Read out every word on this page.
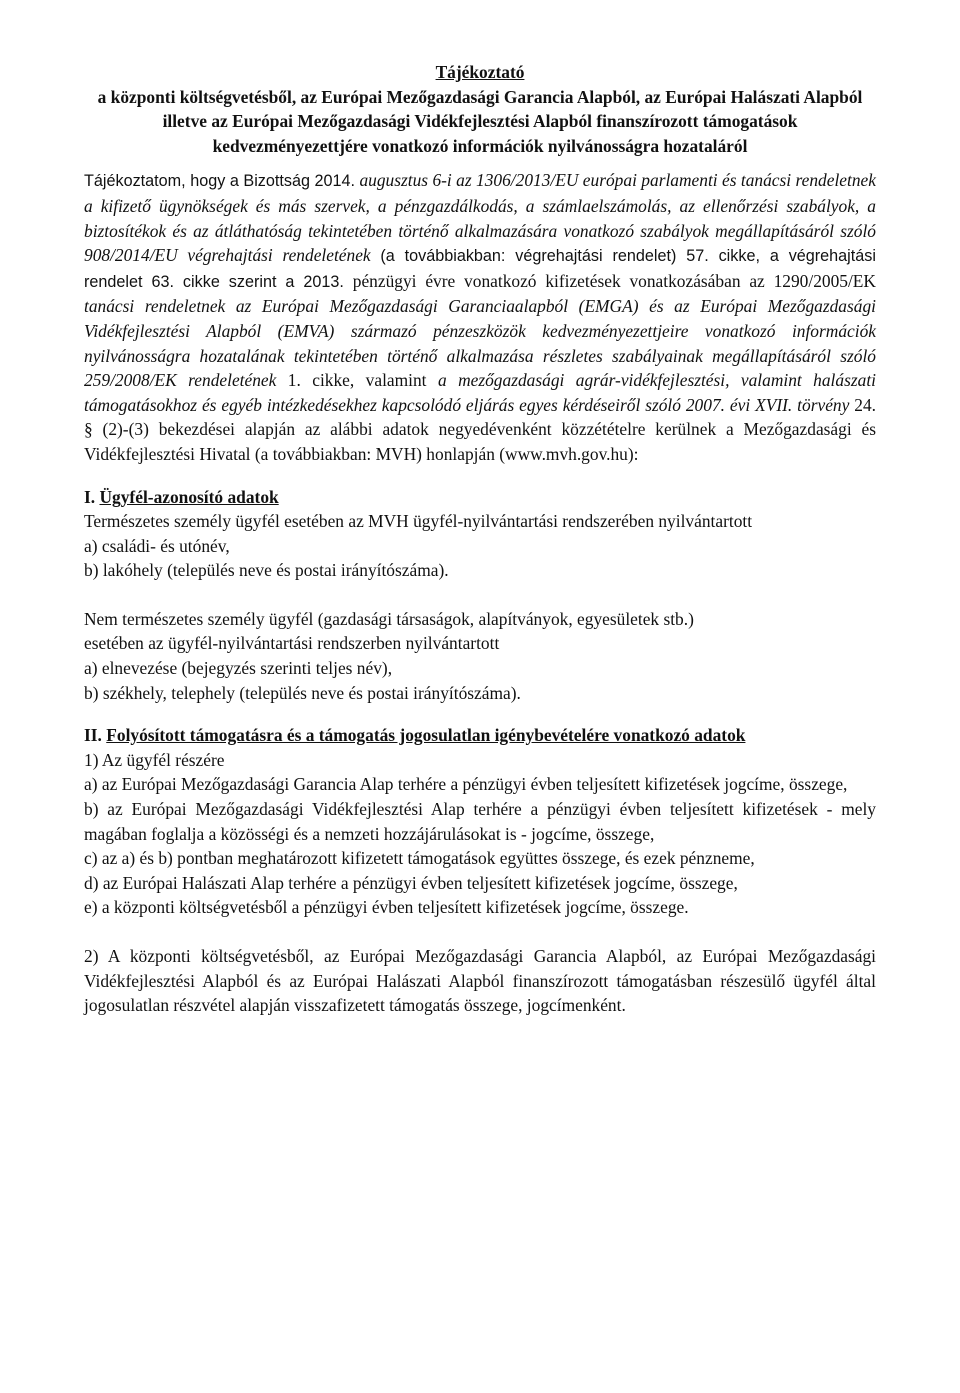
Tájékoztató
a központi költségvetésből, az Európai Mezőgazdasági Garancia Alapból, az Európai Halászati Alapból illetve az Európai Mezőgazdasági Vidékfejlesztési Alapból finanszírozott támogatások kedvezményezettjére vonatkozó információk nyilvánosságra hozataláról

Tájékoztatom, hogy a Bizottság 2014. augusztus 6-i az 1306/2013/EU európai parlamenti és tanácsi rendeletnek a kifizető ügynökségek és más szervek, a pénzgazdálkodás, a számlaelszámolás, az ellenőrzési szabályok, a biztosítékok és az átláthatóság tekintetében történő alkalmazására vonatkozó szabályok megállapításáról szóló 908/2014/EU végrehajtási rendeletének (a továbbiakban: végrehajtási rendelet) 57. cikke, a végrehajtási rendelet 63. cikke szerint a 2013. pénzügyi évre vonatkozó kifizetések vonatkozásában az 1290/2005/EK tanácsi rendeletnek az Európai Mezőgazdasági Garanciaalapból (EMGA) és az Európai Mezőgazdasági Vidékfejlesztési Alapból (EMVA) származó pénzeszközök kedvezményezettjeire vonatkozó információk nyilvánosságra hozatalának tekintetében történő alkalmazása részletes szabályainak megállapításáról szóló 259/2008/EK rendeletének 1. cikke, valamint a mezőgazdasági agrár-vidékfejlesztési, valamint halászati támogatásokhoz és egyéb intézkedésekhez kapcsolódó eljárás egyes kérdéseiről szóló 2007. évi XVII. törvény 24. § (2)-(3) bekezdései alapján az alábbi adatok negyedévenként közzétételre kerülnek a Mezőgazdasági és Vidékfejlesztési Hivatal (a továbbiakban: MVH) honlapján (www.mvh.gov.hu):

I. Ügyfél-azonosító adatok

Természetes személy ügyfél esetében az MVH ügyfél-nyilvántartási rendszerében nyilvántartott

a) családi- és utónév,
b) lakóhely (település neve és postai irányítószáma).
Nem természetes személy ügyfél (gazdasági társaságok, alapítványok, egyesületek stb.)
esetében az ügyfél-nyilvántartási rendszerben nyilvántartott
a) elnevezése (bejegyzés szerinti teljes név),
b) székhely, telephely (település neve és postai irányítószáma).

II. Folyósított támogatásra és a támogatás jogosulatlan igénybevételére vonatkozó adatok

1) Az ügyfél részére

a) az Európai Mezőgazdasági Garancia Alap terhére a pénzügyi évben teljesített kifizetések jogcíme, összege,

b) az Európai Mezőgazdasági Vidékfejlesztési Alap terhére a pénzügyi évben teljesített kifizetések - mely magában foglalja a közösségi és a nemzeti hozzájárulásokat is - jogcíme, összege,

c) az a) és b) pontban meghatározott kifizetett támogatások együttes összege, és ezek pénzneme,

d) az Európai Halászati Alap terhére a pénzügyi évben teljesített kifizetések jogcíme, összege,

e) a központi költségvetésből a pénzügyi évben teljesített kifizetések jogcíme, összege.

2) A központi költségvetésből, az Európai Mezőgazdasági Garancia Alapból, az Európai Mezőgazdasági Vidékfejlesztési Alapból és az Európai Halászati Alapból finanszírozott támogatásban részesülő ügyfél által jogosulatlan részvétel alapján visszafizetett támogatás összege, jogcímenként.
